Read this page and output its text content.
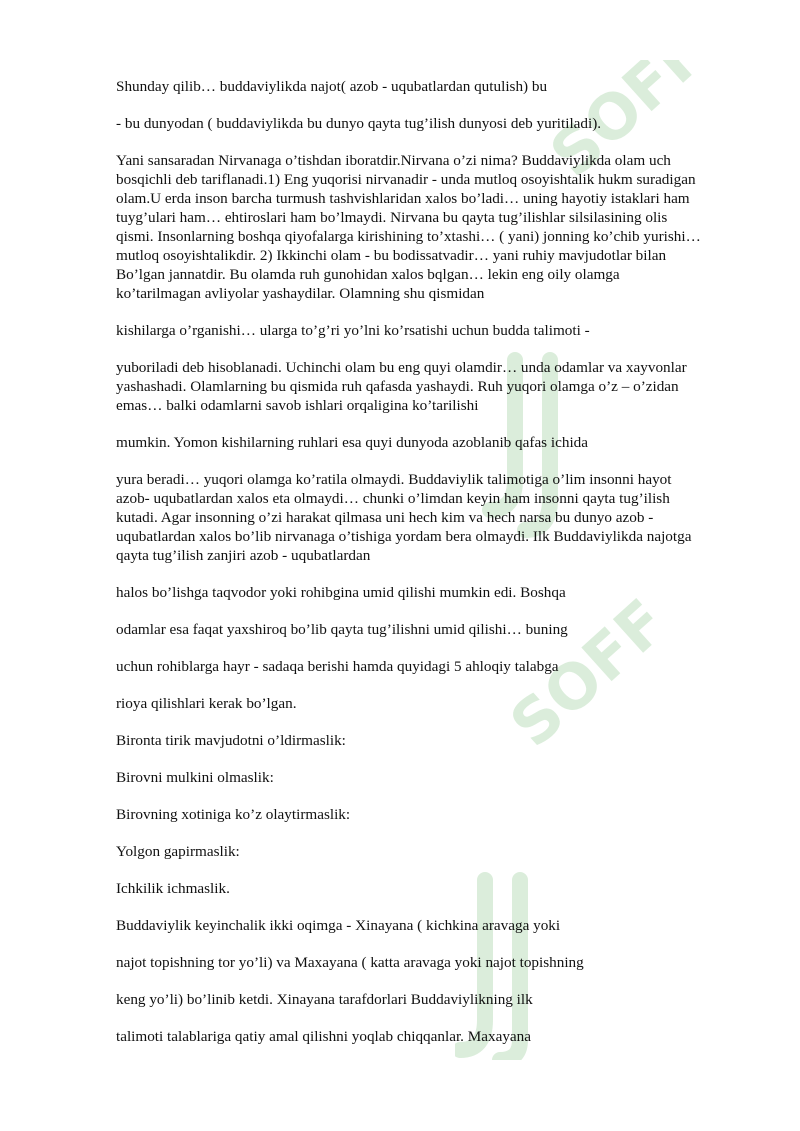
SOFF
SOFF
Shunday qilib… buddaviylikda najot( azob - uqubatlardan qutulish) bu
- bu dunyodan ( buddaviylikda bu dunyo qayta tug’ilish dunyosi deb yuritiladi).
Yani sansaradan Nirvanaga o’tishdan iboratdir.Nirvana o’zi nima? Buddaviylikda olam uch
bosqichli deb tariflanadi.1) Eng yuqorisi nirvanadir - unda mutloq osoyishtalik hukm suradigan
olam.U erda inson barcha turmush tashvishlaridan xalos bo’ladi… uning hayotiy istaklari ham
tuyg’ulari ham… ehtiroslari ham bo’lmaydi. Nirvana bu qayta tug’ilishlar silsilasining olis
qismi. Insonlarning boshqa qiyofalarga kirishining to’xtashi… ( yani) jonning ko’chib yurishi…
mutloq osoyishtalikdir. 2) Ikkinchi olam - bu bodissatvadir… yani ruhiy mavjudotlar bilan
Bo’lgan jannatdir. Bu olamda ruh gunohidan xalos bqlgan… lekin eng oily olamga
ko’tarilmagan avliyolar yashaydilar. Olamning shu qismidan
kishilarga o’rganishi… ularga to’g’ri yo’lni ko’rsatishi uchun budda talimoti -
yuboriladi deb hisoblanadi. Uchinchi olam bu eng quyi olamdir… unda odamlar va xayvonlar
yashashadi. Olamlarning bu qismida ruh qafasda yashaydi. Ruh yuqori olamga o’z – o’zidan
emas… balki odamlarni savob ishlari orqaligina ko’tarilishi
mumkin. Yomon kishilarning ruhlari esa quyi dunyoda azoblanib qafas ichida
yura beradi… yuqori olamga ko’ratila olmaydi. Buddaviylik talimotiga o’lim insonni hayot
azob- uqubatlardan xalos eta olmaydi… chunki o’limdan keyin ham insonni qayta tug’ilish
kutadi. Agar insonning o’zi harakat qilmasa uni hech kim va hech narsa bu dunyo azob -
uqubatlardan xalos bo’lib nirvanaga o’tishiga yordam bera olmaydi. Ilk Buddaviylikda najotga
qayta tug’ilish zanjiri azob - uqubatlardan
halos bo’lishga taqvodor yoki rohibgina umid qilishi mumkin edi. Boshqa
odamlar esa faqat yaxshiroq bo’lib qayta tug’ilishni umid qilishi… buning
uchun rohiblarga hayr - sadaqa berishi hamda quyidagi 5 ahloqiy talabga
rioya qilishlari kerak bo’lgan.
Bironta tirik mavjudotni o’ldirmaslik:
Birovni mulkini olmaslik:
Birovning xotiniga ko’z olaytirmaslik:
Yolgon gapirmaslik:
Ichkilik ichmaslik.
Buddaviylik keyinchalik ikki oqimga - Xinayana ( kichkina aravaga yoki
najot topishning tor yo’li) va Maxayana ( katta aravaga yoki najot topishning
keng yo’li) bo’linib ketdi. Xinayana tarafdorlari Buddaviylikning ilk
talimoti talablariga qatiy amal qilishni yoqlab chiqqanlar. Maxayana
